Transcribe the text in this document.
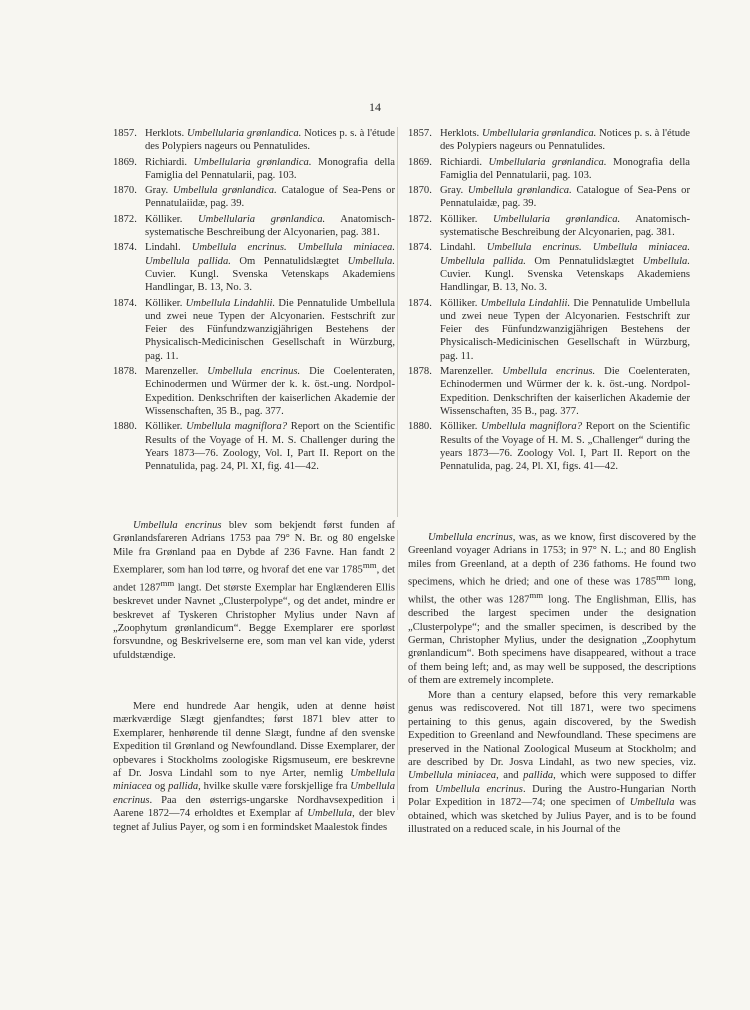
14
1857. Herklots. Umbellularia grønlandica. Notices p. s. à l'étude des Polypiers nageurs ou Pennatulides.
1869. Richiardi. Umbellularia grønlandica. Monografia della Famiglia del Pennatularii, pag. 103.
1870. Gray. Umbellula grønlandica. Catalogue of Sea-Pens or Pennatulaiidæ, pag. 39.
1872. Kölliker. Umbellularia grønlandica. Anatomisch-systematische Beschreibung der Alcyonarien, pag. 381.
1874. Lindahl. Umbellula encrinus. Umbellula miniacea. Umbellula pallida. Om Pennatulidslægtet Umbellula. Cuvier. Kungl. Svenska Vetenskaps Akademiens Handlingar, B. 13, No. 3.
1874. Kölliker. Umbellula Lindahlii. Die Pennatulide Umbellula und zwei neue Typen der Alcyonarien. Festschrift zur Feier des Fünfundzwanzigjährigen Bestehens der Physicalisch-Medicinischen Gesellschaft in Würzburg, pag. 11.
1878. Marenzeller. Umbellula encrinus. Die Coelenteraten, Echinodermen und Würmer der k. k. öst.-ung. Nordpol-Expedition. Denkschriften der kaiserlichen Akademie der Wissenschaften, 35 B., pag. 377.
1880. Kölliker. Umbellula magniflora? Report on the Scientific Results of the Voyage of H. M. S. Challenger during the Years 1873—76. Zoology, Vol. I, Part II. Report on the Pennatulida, pag. 24, Pl. XI, fig. 41—42.
1857. Herklots. Umbellularia grønlandica. Notices p. s. à l'étude des Polypiers nageurs ou Pennatulides.
1869. Richiardi. Umbellularia grønlandica. Monografia della Famiglia del Pennatularii, pag. 103.
1870. Gray. Umbellula grønlandica. Catalogue of Sea-Pens or Pennatulaidæ, pag. 39.
1872. Kölliker. Umbellularia grønlandica. Anatomisch-systematische Beschreibung der Alcyonarien, pag. 381.
1874. Lindahl. Umbellula encrinus. Umbellula miniacea. Umbellula pallida. Om Pennatulidslægtet Umbellula. Cuvier. Kungl. Svenska Vetenskaps Akademiens Handlingar, B. 13, No. 3.
1874. Kölliker. Umbellula Lindahlii. Die Pennatulide Umbellula und zwei neue Typen der Alcyonarien. Festschrift zur Feier des Fünfundzwanzigjährigen Bestehens der Physicalisch-Medicinischen Gesellschaft in Würzburg, pag. 11.
1878. Marenzeller. Umbellula encrinus. Die Coelenteraten, Echinodermen und Würmer der k. k. öst.-ung. Nordpol-Expedition. Denkschriften der kaiserlichen Akademie der Wissenschaften, 35 B., pag. 377.
1880. Kölliker. Umbellula magniflora? Report on the Scientific Results of the Voyage of H. M. S. „Challenger“ during the years 1873—76. Zoology Vol. I, Part II. Report on the Pennatulida, pag. 24, Pl. XI, figs. 41—42.

Umbellula encrinus blev som bekjendt først funden af Grønlandsfareren Adrians 1753 paa 79° N. Br. og 80 engelske Mile fra Grønland paa en Dybde af 236 Favne. Han fandt 2 Exemplarer, som han lod tørre, og hvoraf det ene var $1785^{mm}$, det andet $1287^{mm}$ langt. Det største Exemplar har Englænderen Ellis beskrevet under Navnet „Clusterpolype“, og det andet, mindre er beskrevet af Tyskeren Christopher Mylius under Navn af „Zoophytum grønlandicum“. Begge Exemplarer ere sporløst forsvundne, og Beskrivelserne ere, som man vel kan vide, yderst ufuldstændige.

Mere end hundrede Aar hengik, uden at denne høist mærkværdige Slægt gjenfandtes; først 1871 blev atter to Exemplarer, henhørende til denne Slægt, fundne af den svenske Expedition til Grønland og Newfoundland. Disse Exemplarer, der opbevares i Stockholms zoologiske Rigsmuseum, ere beskrevne af Dr. Josva Lindahl som to nye Arter, nemlig Umbellula miniacea og pallida, hvilke skulle være forskjellige fra Umbellula encrinus. Paa den østerrigs-ungarske Nordhavsexpedition i Aarene 1872—74 erholdtes et Exemplar af Umbellula, der blev tegnet af Julius Payer, og som i en formindsket Maalestok findes

Umbellula encrinus, was, as we know, first discovered by the Greenland voyager Adrians in 1753; in 97° N. L.; and 80 English miles from Greenland, at a depth of 236 fathoms. He found two specimens, which he dried; and one of these was $1785^{mm}$ long, whilst, the other was $1287^{mm}$ long. The Englishman, Ellis, has described the largest specimen under the designation „Clusterpolype“; and the smaller specimen, is described by the German, Christopher Mylius, under the designation „Zoophytum grønlandicum“. Both specimens have disappeared, without a trace of them being left; and, as may well be supposed, the descriptions of them are extremely incomplete.

More than a century elapsed, before this very remarkable genus was rediscovered. Not till 1871, were two specimens pertaining to this genus, again discovered, by the Swedish Expedition to Greenland and Newfoundland. These specimens are preserved in the National Zoological Museum at Stockholm; and are described by Dr. Josva Lindahl, as two new species, viz. Umbellula miniacea, and pallida, which were supposed to differ from Umbellula encrinus. During the Austro-Hungarian North Polar Expedition in 1872—74; one specimen of Umbellula was obtained, which was sketched by Julius Payer, and is to be found illustrated on a reduced scale, in his Journal of the
